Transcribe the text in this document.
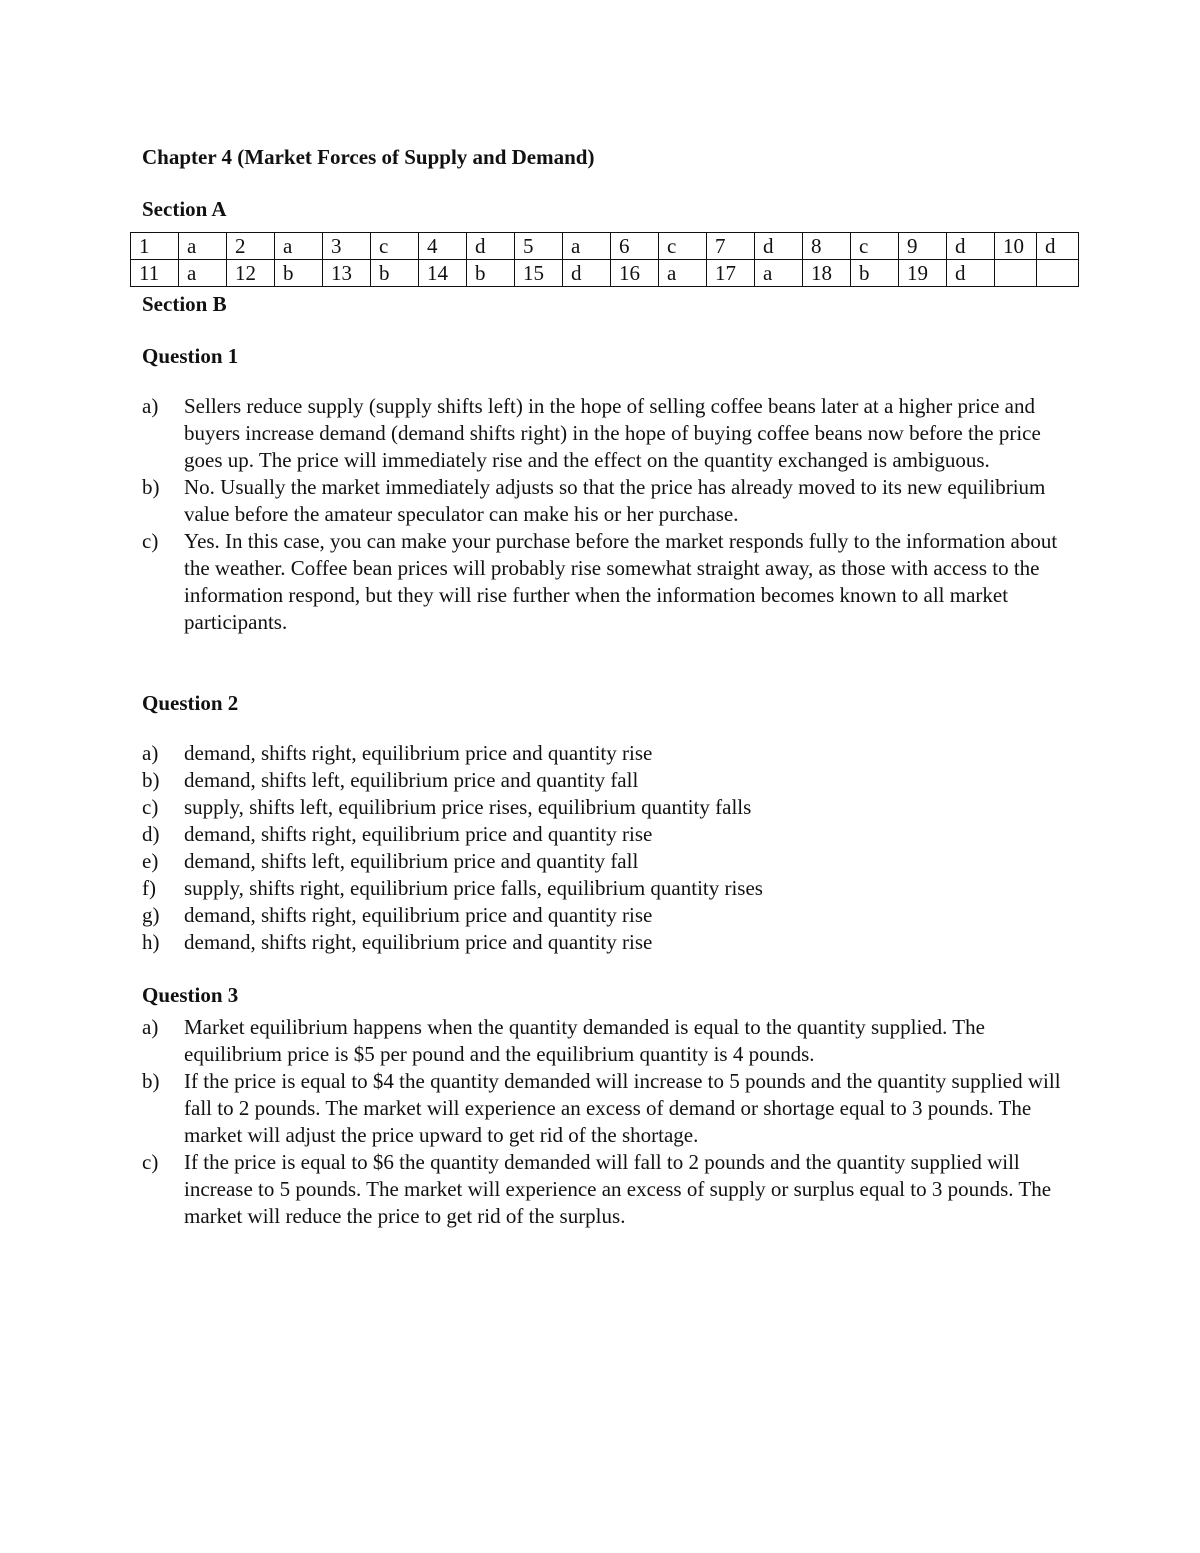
Chapter 4 (Market Forces of Supply and Demand)

Section A

1	a	2	a	3	c	4	d	5	a	6	c	7	d	8	c	9	d	10	d
11	a	12	b	13	b	14	b	15	d	16	a	17	a	18	b	19	d		

Section B

Question 1

a) Sellers reduce supply (supply shifts left) in the hope of selling coffee beans later at a higher price and buyers increase demand (demand shifts right) in the hope of buying coffee beans now before the price goes up. The price will immediately rise and the effect on the quantity exchanged is ambiguous.
b) No. Usually the market immediately adjusts so that the price has already moved to its new equilibrium value before the amateur speculator can make his or her purchase.
c) Yes. In this case, you can make your purchase before the market responds fully to the information about the weather. Coffee bean prices will probably rise somewhat straight away, as those with access to the information respond, but they will rise further when the information becomes known to all market participants.

Question 2

a) demand, shifts right, equilibrium price and quantity rise
b) demand, shifts left, equilibrium price and quantity fall
c) supply, shifts left, equilibrium price rises, equilibrium quantity falls
d) demand, shifts right, equilibrium price and quantity rise
e) demand, shifts left, equilibrium price and quantity fall
f) supply, shifts right, equilibrium price falls, equilibrium quantity rises
g) demand, shifts right, equilibrium price and quantity rise
h) demand, shifts right, equilibrium price and quantity rise

Question 3

a) Market equilibrium happens when the quantity demanded is equal to the quantity supplied. The equilibrium price is $5 per pound and the equilibrium quantity is 4 pounds.
b) If the price is equal to $4 the quantity demanded will increase to 5 pounds and the quantity supplied will fall to 2 pounds. The market will experience an excess of demand or shortage equal to 3 pounds. The market will adjust the price upward to get rid of the shortage.
c) If the price is equal to $6 the quantity demanded will fall to 2 pounds and the quantity supplied will increase to 5 pounds. The market will experience an excess of supply or surplus equal to 3 pounds. The market will reduce the price to get rid of the surplus.
